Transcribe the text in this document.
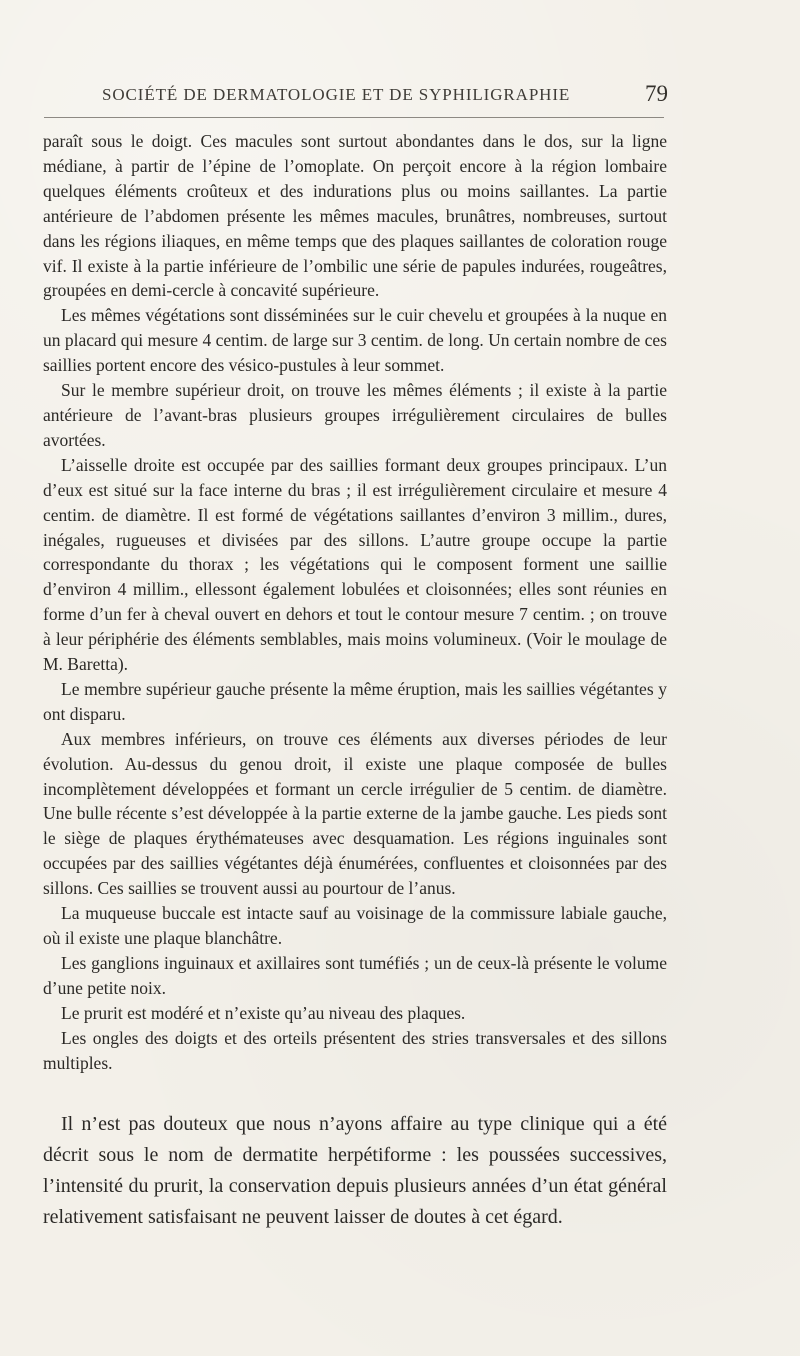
SOCIÉTÉ DE DERMATOLOGIE ET DE SYPHILIGRAPHIE	79

paraît sous le doigt. Ces macules sont surtout abondantes dans le dos, sur la ligne médiane, à partir de l’épine de l’omoplate. On perçoit encore à la région lombaire quelques éléments croûteux et des indurations plus ou moins saillantes. La partie antérieure de l’abdomen présente les mêmes macules, brunâtres, nombreuses, surtout dans les régions iliaques, en même temps que des plaques saillantes de coloration rouge vif. Il existe à la partie inférieure de l’ombilic une série de papules indurées, rougeâtres, groupées en demi-cercle à concavité supérieure.

Les mêmes végétations sont disséminées sur le cuir chevelu et groupées à la nuque en un placard qui mesure 4 centim. de large sur 3 centim. de long. Un certain nombre de ces saillies portent encore des vésico-pustules à leur sommet.

Sur le membre supérieur droit, on trouve les mêmes éléments ; il existe à la partie antérieure de l’avant-bras plusieurs groupes irrégulièrement circulaires de bulles avortées.

L’aisselle droite est occupée par des saillies formant deux groupes principaux. L’un d’eux est situé sur la face interne du bras ; il est irrégulièrement circulaire et mesure 4 centim. de diamètre. Il est formé de végétations saillantes d’environ 3 millim., dures, inégales, rugueuses et divisées par des sillons. L’autre groupe occupe la partie correspondante du thorax ; les végétations qui le composent forment une saillie d’environ 4 millim., ellessont également lobulées et cloisonnées; elles sont réunies en forme d’un fer à cheval ouvert en dehors et tout le contour mesure 7 centim. ; on trouve à leur périphérie des éléments semblables, mais moins volumineux. (Voir le moulage de M. Baretta).

Le membre supérieur gauche présente la même éruption, mais les saillies végétantes y ont disparu.

Aux membres inférieurs, on trouve ces éléments aux diverses périodes de leur évolution. Au-dessus du genou droit, il existe une plaque composée de bulles incomplètement développées et formant un cercle irrégulier de 5 centim. de diamètre. Une bulle récente s’est développée à la partie externe de la jambe gauche. Les pieds sont le siège de plaques érythémateuses avec desquamation. Les régions inguinales sont occupées par des saillies végétantes déjà énumérées, confluentes et cloisonnées par des sillons. Ces saillies se trouvent aussi au pourtour de l’anus.

La muqueuse buccale est intacte sauf au voisinage de la commissure labiale gauche, où il existe une plaque blanchâtre.

Les ganglions inguinaux et axillaires sont tuméfiés ; un de ceux-là présente le volume d’une petite noix.

Le prurit est modéré et n’existe qu’au niveau des plaques.

Les ongles des doigts et des orteils présentent des stries transversales et des sillons multiples.

Il n’est pas douteux que nous n’ayons affaire au type clinique qui a été décrit sous le nom de dermatite herpétiforme : les poussées successives, l’intensité du prurit, la conservation depuis plusieurs années d’un état général relativement satisfaisant ne peuvent laisser de doutes à cet égard.
